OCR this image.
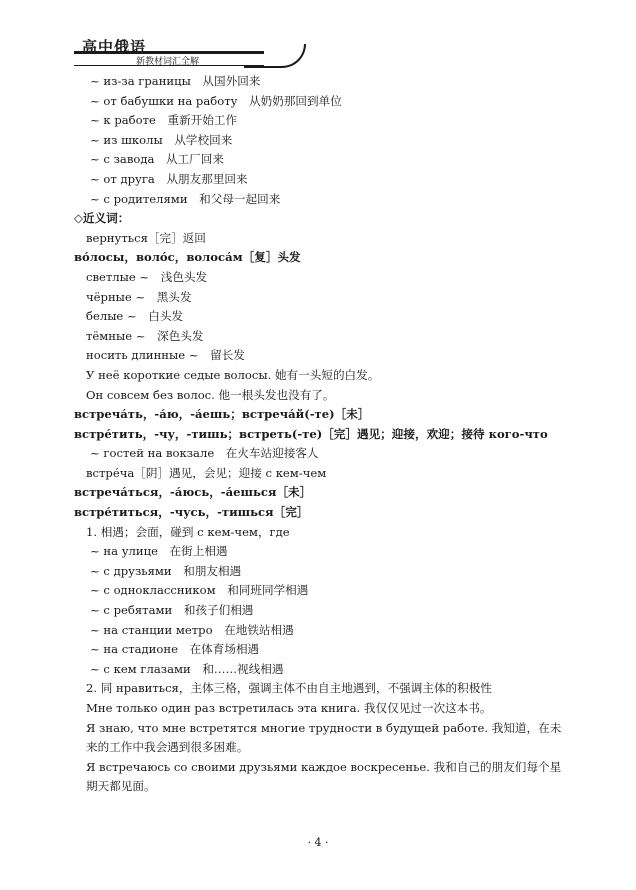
高中俄语
新教材词汇全解
~ из-за границы　从国外回来
~ от бабушки на работу　从奶奶那回到单位
~ к работе　重新开始工作
~ из школы　从学校回来
~ с завода　从工厂回来
~ от друга　从朋友那里回来
~ с родителями　和父母一起回来
◇近义词：
вернуться［完］返回
во́лосы，воло́с，волоса́м［复］头发
светлые ~　浅色头发
чёрные ~　黑头发
белые ~　白头发
тёмные ~　深色头发
носить длинные ~　留长发
У неё короткие седые волосы. 她有一头短的白发。
Он совсем без волос. 他一根头发也没有了。
встреча́ть，-а́ю，-а́ешь；встреча́й(-те)［未］
встре́тить，-чу，-тишь；встреть(-те)［完］遇见；迎接，欢迎；接待 кого-что
~ гостей на вокзале　在火车站迎接客人
встре́ча［阴］遇见，会见；迎接 с кем-чем
встреча́ться，-а́юсь，-а́ешься［未］
встре́титься，-чусь，-тишься［完］
1. 相遇；会面，碰到 с кем-чем，где
~ на улице　在街上相遇
~ с друзьями　和朋友相遇
~ с одноклассником　和同班同学相遇
~ с ребятами　和孩子们相遇
~ на станции метро　在地铁站相遇
~ на стадионе　在体育场相遇
~ с кем глазами　和……视线相遇
2. 同 нравиться，主体三格，强调主体不由自主地遇到，不强调主体的积极性
Мне только один раз встретилась эта книга. 我仅仅见过一次这本书。
Я знаю, что мне встретятся многие трудности в будущей работе. 我知道，在未来的工作中我会遇到很多困难。
Я встречаюсь со своими друзьями каждое воскресенье. 我和自己的朋友们每个星期天都见面。
· 4 ·
